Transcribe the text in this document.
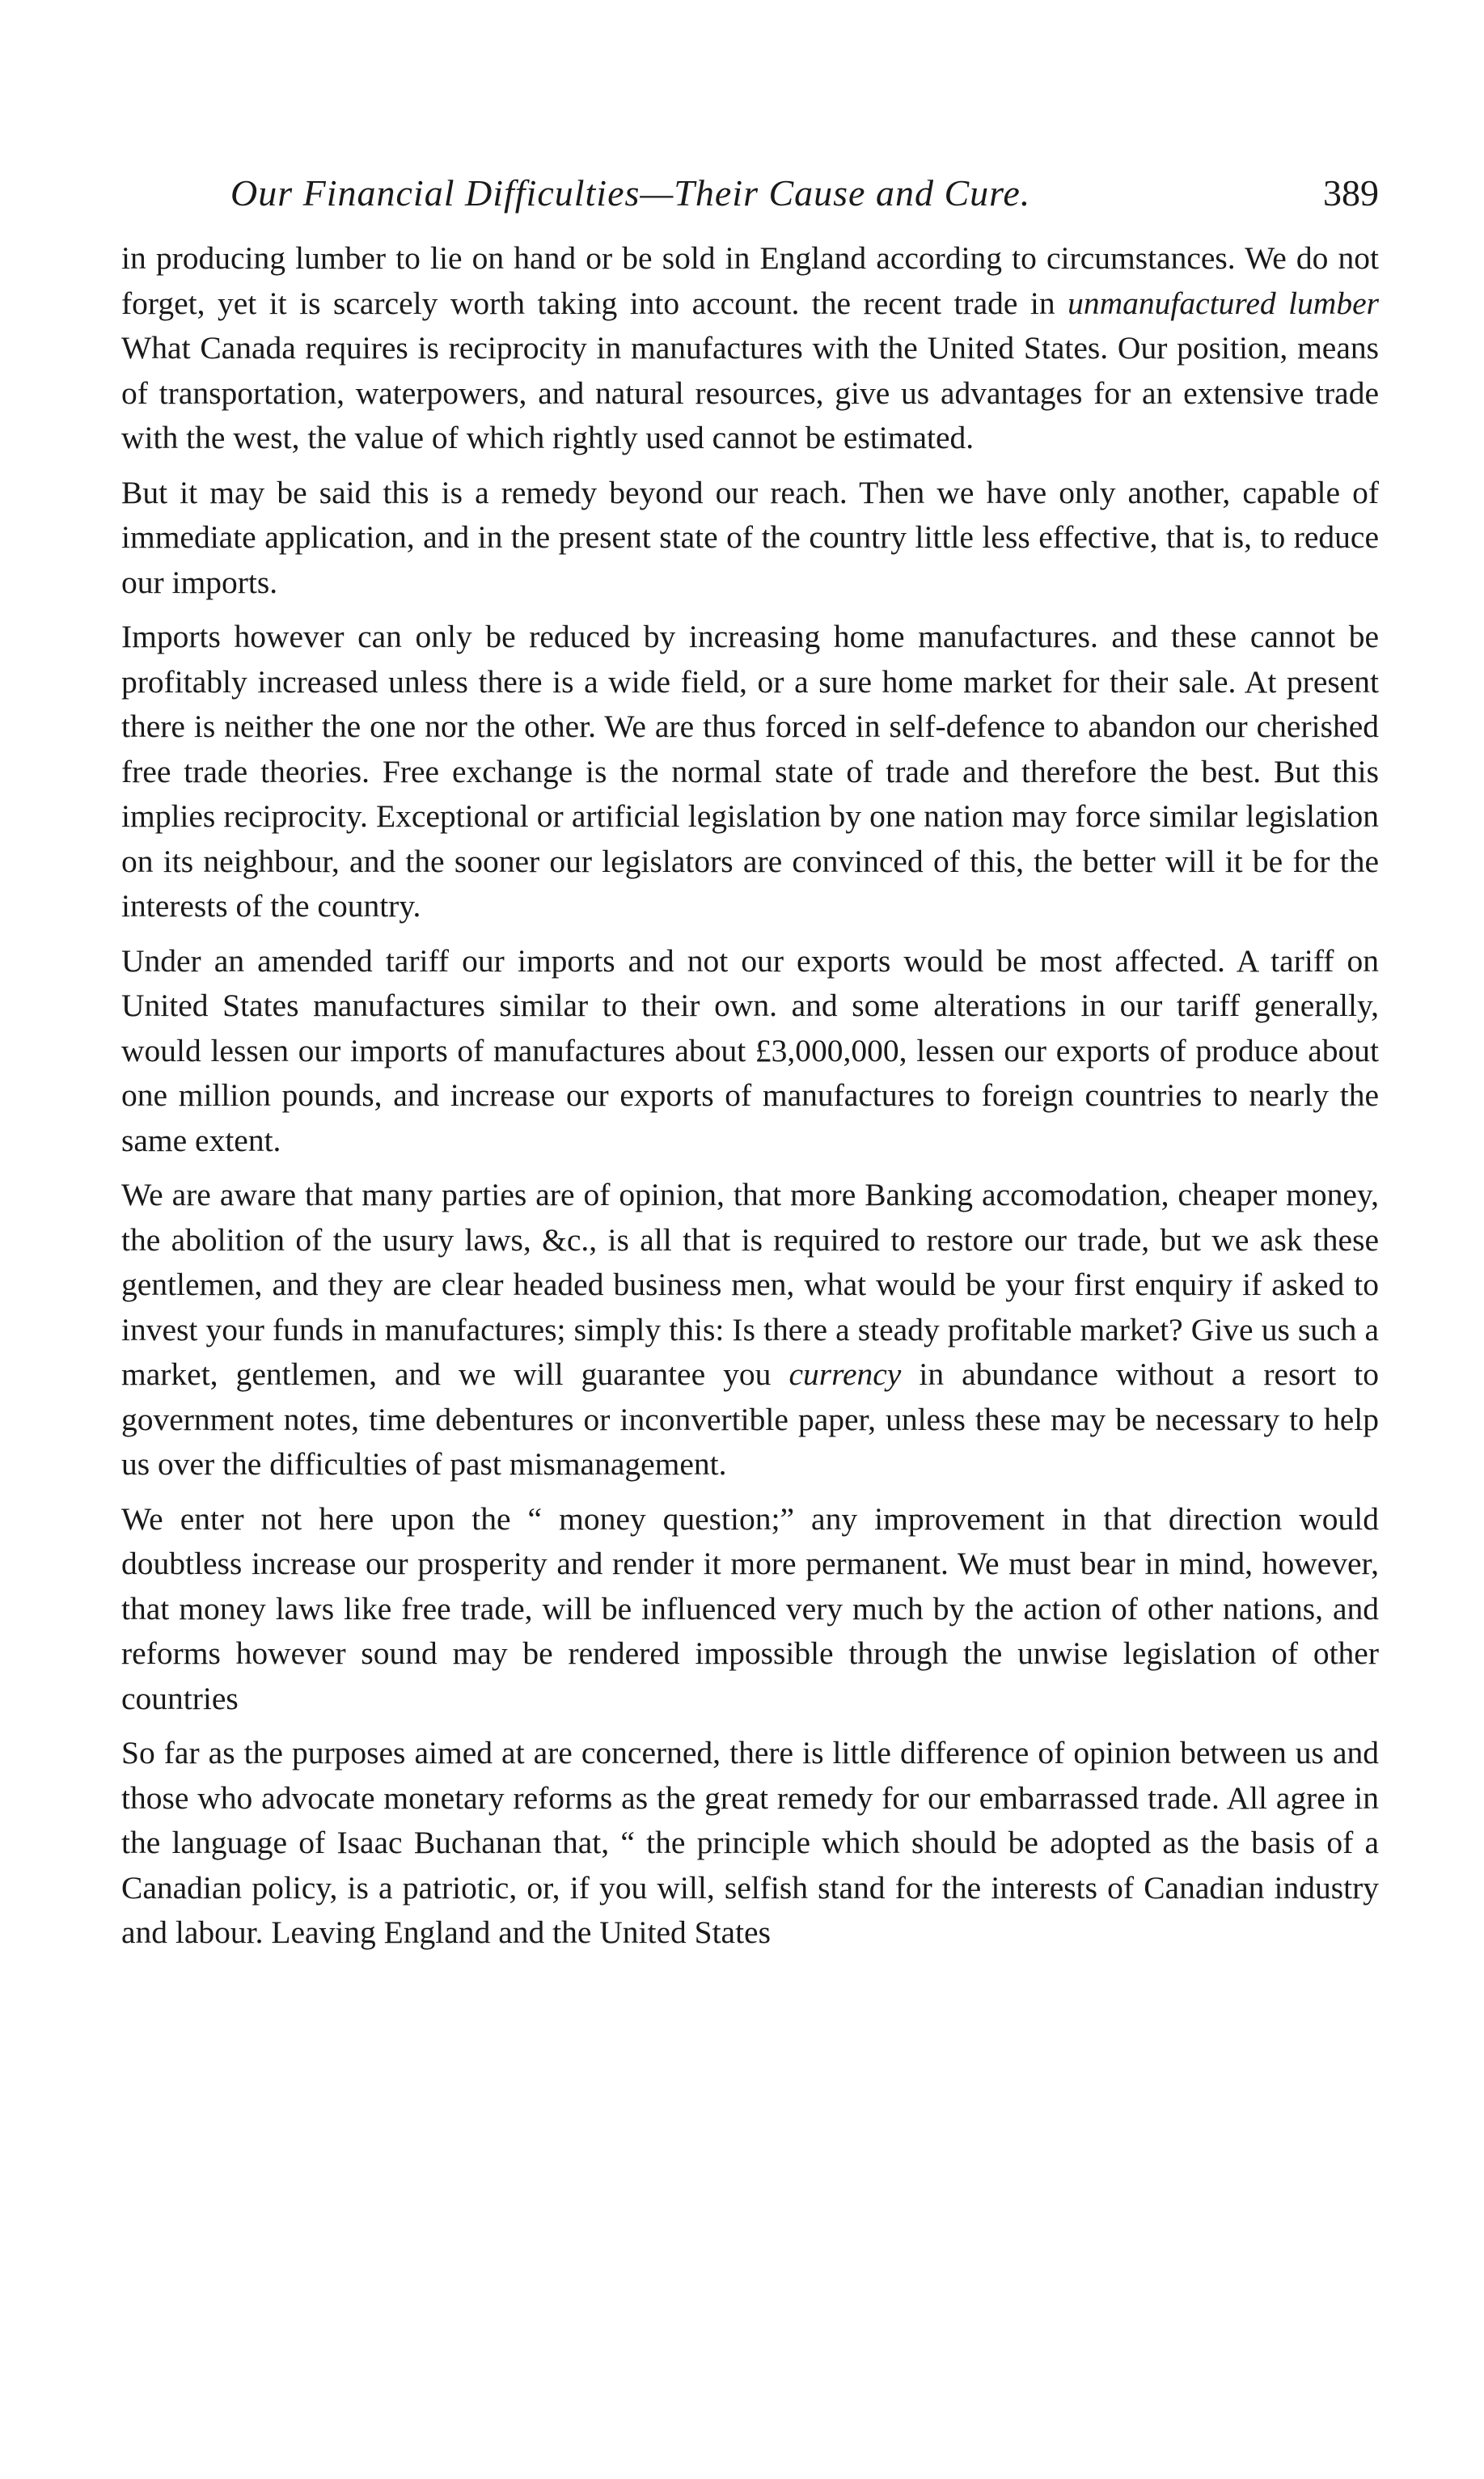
Our Financial Difficulties—Their Cause and Cure.	389

in producing lumber to lie on hand or be sold in England according to circumstances. We do not forget, yet it is scarcely worth taking into account. the recent trade in unmanufactured lumber What Canada requires is reciprocity in manufactures with the United States. Our position, means of transportation, waterpowers, and natural resources, give us advantages for an extensive trade with the west, the value of which rightly used cannot be estimated.

But it may be said this is a remedy beyond our reach. Then we have only another, capable of immediate application, and in the present state of the country little less effective, that is, to reduce our imports.

Imports however can only be reduced by increasing home manufactures. and these cannot be profitably increased unless there is a wide field, or a sure home market for their sale. At present there is neither the one nor the other. We are thus forced in self-defence to abandon our cherished free trade theories. Free exchange is the normal state of trade and therefore the best. But this implies reciprocity. Exceptional or artificial legislation by one nation may force similar legislation on its neighbour, and the sooner our legislators are convinced of this, the better will it be for the interests of the country.

Under an amended tariff our imports and not our exports would be most affected. A tariff on United States manufactures similar to their own. and some alterations in our tariff generally, would lessen our imports of manufactures about £3,000,000, lessen our exports of produce about one million pounds, and increase our exports of manufactures to foreign countries to nearly the same extent.

We are aware that many parties are of opinion, that more Banking accomodation, cheaper money, the abolition of the usury laws, &c., is all that is required to restore our trade, but we ask these gentlemen, and they are clear headed business men, what would be your first enquiry if asked to invest your funds in manufactures; simply this: Is there a steady profitable market? Give us such a market, gentlemen, and we will guarantee you currency in abundance without a resort to government notes, time debentures or inconvertible paper, unless these may be necessary to help us over the difficulties of past mismanagement.

We enter not here upon the “ money question;” any improvement in that direction would doubtless increase our prosperity and render it more permanent. We must bear in mind, however, that money laws like free trade, will be influenced very much by the action of other nations, and reforms however sound may be rendered impossible through the unwise legislation of other countries

So far as the purposes aimed at are concerned, there is little difference of opinion between us and those who advocate monetary reforms as the great remedy for our embarrassed trade. All agree in the language of Isaac Buchanan that, “ the principle which should be adopted as the basis of a Canadian policy, is a patriotic, or, if you will, selfish stand for the interests of Canadian industry and labour. Leaving England and the United States
